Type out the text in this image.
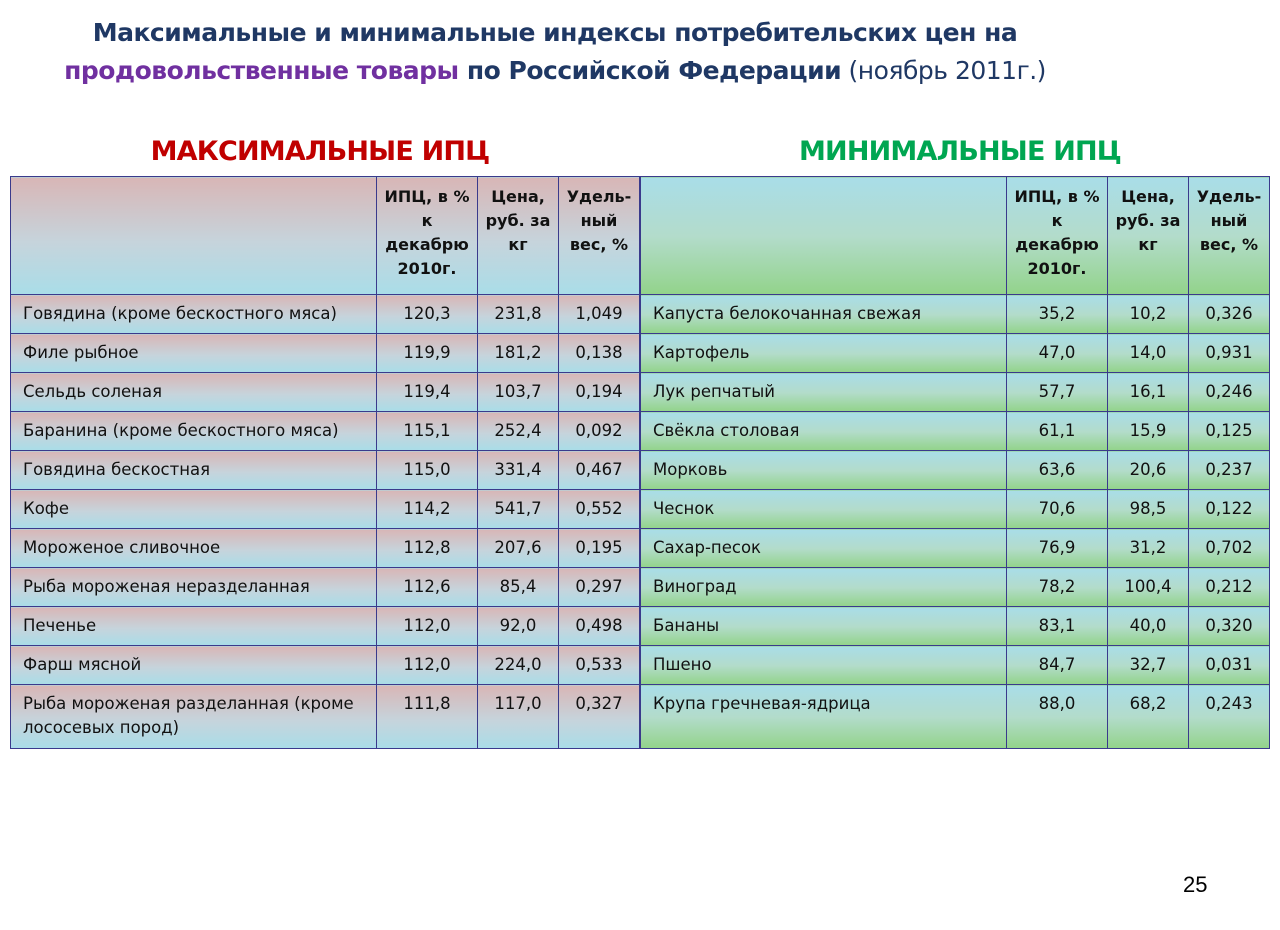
Максимальные и минимальные индексы потребительских цен на
продовольственные товары по Российской Федерации (ноябрь 2011г.)
МАКСИМАЛЬНЫЕ ИПЦ	МИНИМАЛЬНЫЕ ИПЦ
	ИПЦ, в % к декабрю 2010г.	Цена, руб. за кг	Удель-ный вес, %
Говядина (кроме бескостного мяса)	120,3	231,8	1,049
Филе рыбное	119,9	181,2	0,138
Сельдь соленая	119,4	103,7	0,194
Баранина (кроме бескостного мяса)	115,1	252,4	0,092
Говядина бескостная	115,0	331,4	0,467
Кофе	114,2	541,7	0,552
Мороженое сливочное	112,8	207,6	0,195
Рыба мороженая неразделанная	112,6	85,4	0,297
Печенье	112,0	92,0	0,498
Фарш мясной	112,0	224,0	0,533
Рыба мороженая разделанная (кроме лососевых пород)	111,8	117,0	0,327
	ИПЦ, в % к декабрю 2010г.	Цена, руб. за кг	Удель-ный вес, %
Капуста белокочанная свежая	35,2	10,2	0,326
Картофель	47,0	14,0	0,931
Лук репчатый	57,7	16,1	0,246
Свёкла столовая	61,1	15,9	0,125
Морковь	63,6	20,6	0,237
Чеснок	70,6	98,5	0,122
Сахар-песок	76,9	31,2	0,702
Виноград	78,2	100,4	0,212
Бананы	83,1	40,0	0,320
Пшено	84,7	32,7	0,031
Крупа гречневая-ядрица	88,0	68,2	0,243
25
